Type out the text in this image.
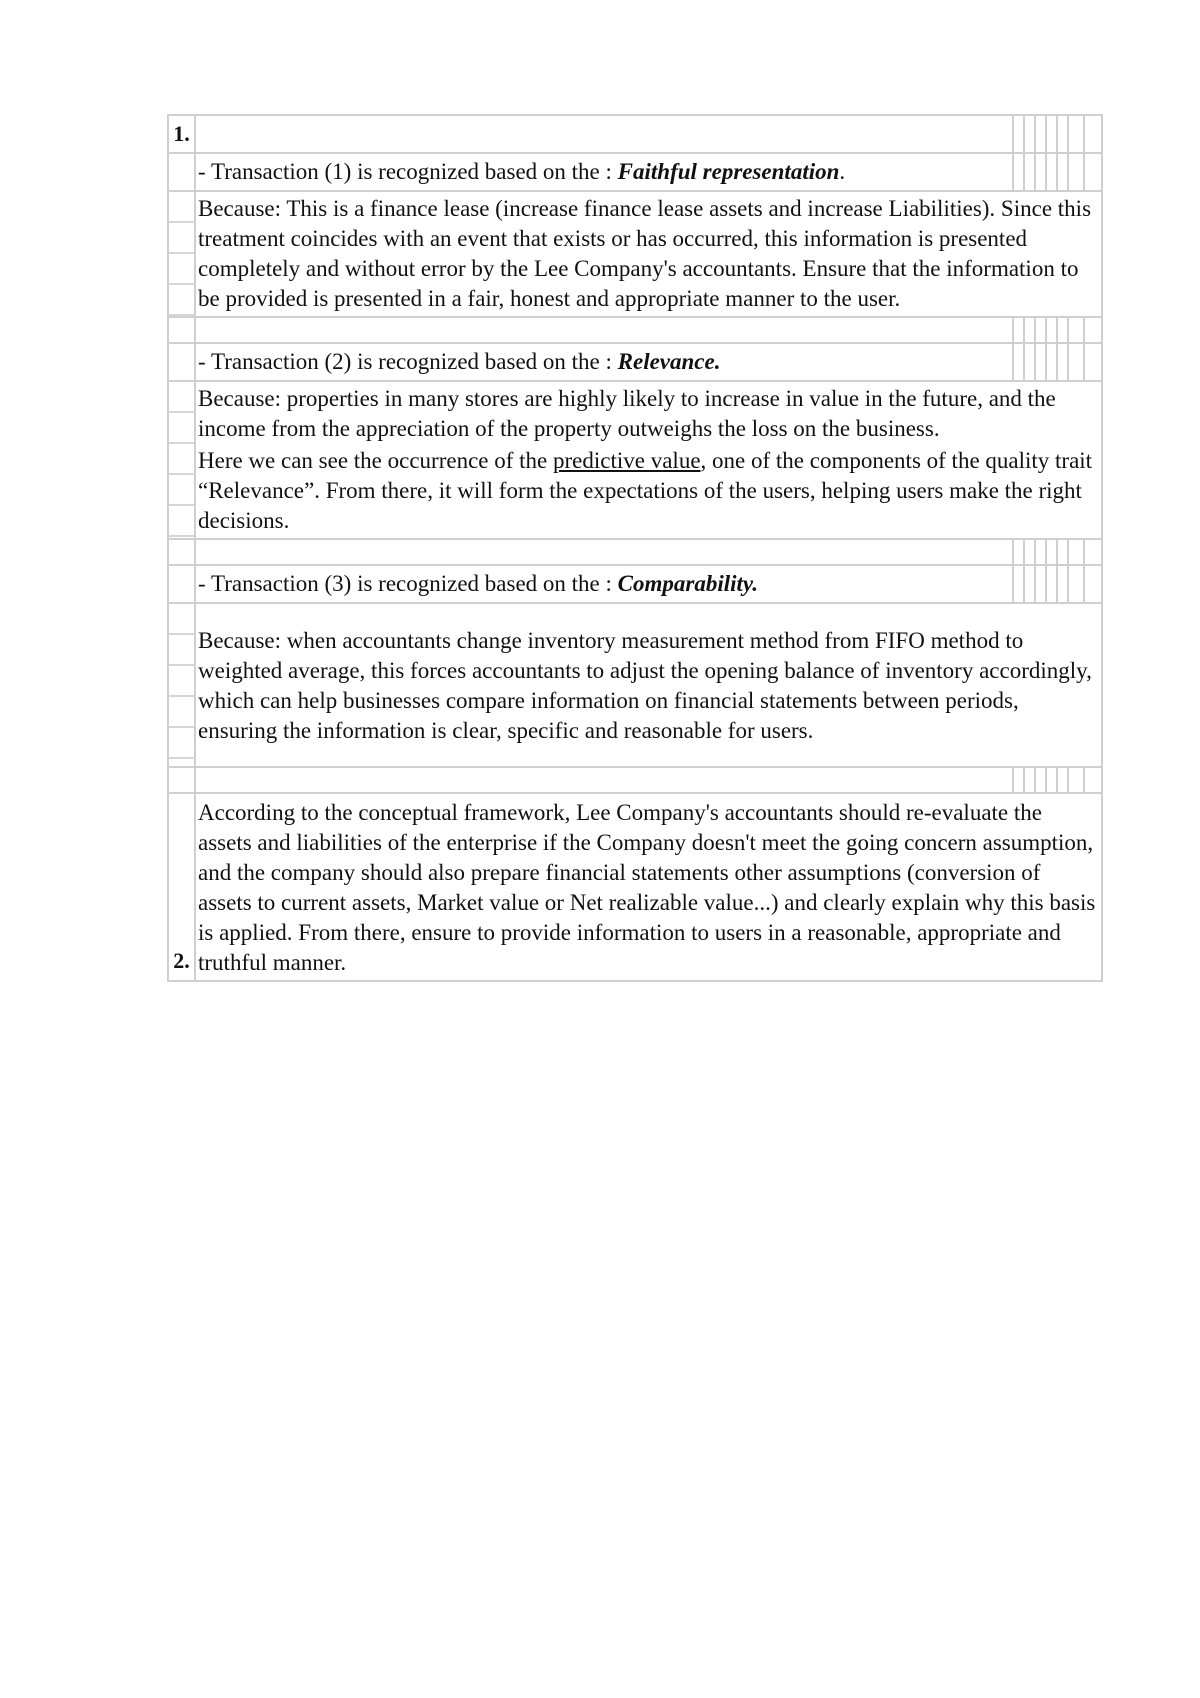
1.								
	- Transaction (1) is recognized based on the : Faithful representation.							

	Because: This is a finance lease (increase finance lease assets and increase Liabilities). Since this treatment coincides with an event that exists or has occurred, this information is presented completely and without error by the Lee Company's accountants. Ensure that the information to be provided is presented in a fair, honest and appropriate manner to the user.							

	- Transaction (2) is recognized based on the : Relevance.							

	Because: properties in many stores are highly likely to increase in value in the future, and the income from the appreciation of the property outweighs the loss on the business.
Here we can see the occurrence of the predictive value, one of the components of the quality trait “Relevance”. From there, it will form the expectations of the users, helping users make the right decisions.							

	- Transaction (3) is recognized based on the : Comparability.							

	Because: when accountants change inventory measurement method from FIFO method to weighted average, this forces accountants to adjust the opening balance of inventory accordingly, which can help businesses compare information on financial statements between periods, ensuring the information is clear, specific and reasonable for users.							

2.	According to the conceptual framework, Lee Company's accountants should re-evaluate the assets and liabilities of the enterprise if the Company doesn't meet the going concern assumption, and the company should also prepare financial statements other assumptions (conversion of assets to current assets, Market value or Net realizable value...) and clearly explain why this basis is applied. From there, ensure to provide information to users in a reasonable, appropriate and truthful manner.							
